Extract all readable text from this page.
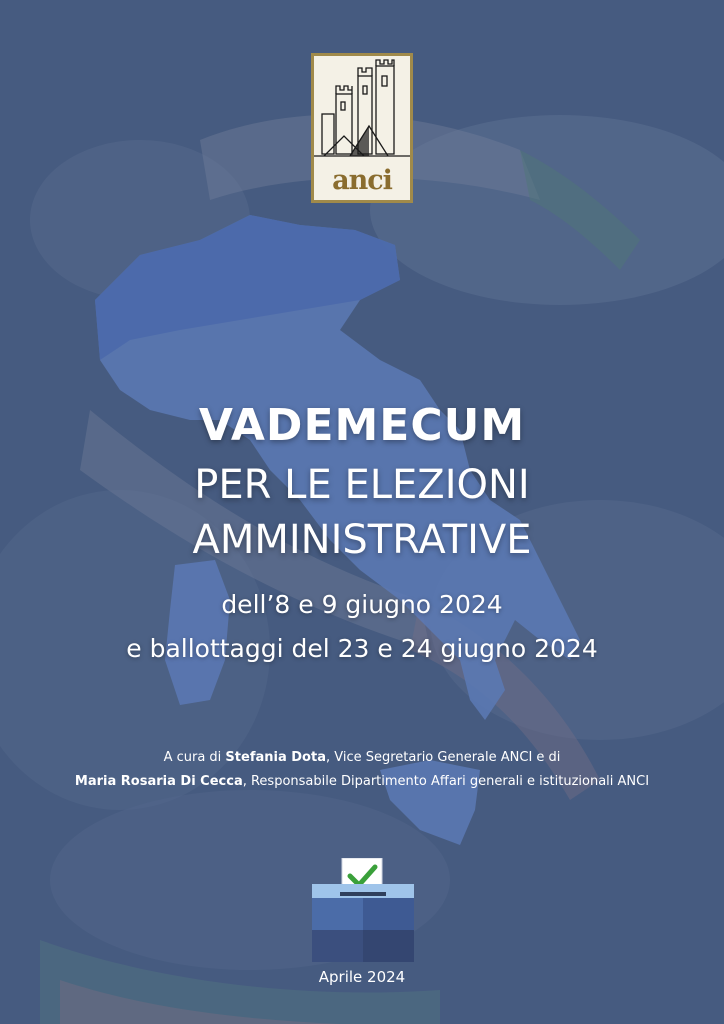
anci
VADEMECUM
PER LE ELEZIONI
AMMINISTRATIVE
dell’8 e 9 giugno 2024
e ballottaggi del 23 e 24 giugno 2024
A cura di Stefania Dota, Vice Segretario Generale ANCI e di
Maria Rosaria Di Cecca, Responsabile Dipartimento Affari generali e istituzionali ANCI
Aprile 2024
